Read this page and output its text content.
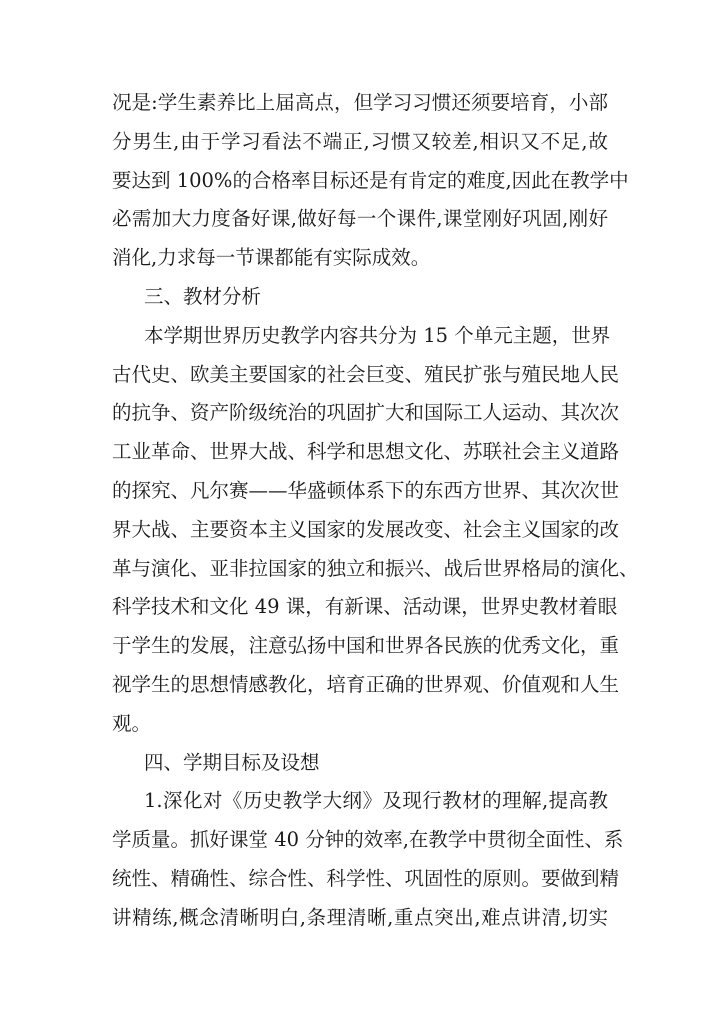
况是:学生素养比上届高点，但学习习惯还须要培育，小部
分男生,由于学习看法不端正,习惯又较差,相识又不足,故
要达到 100%的合格率目标还是有肯定的难度,因此在教学中
必需加大力度备好课,做好每一个课件,课堂刚好巩固,刚好
消化,力求每一节课都能有实际成效。
三、教材分析
本学期世界历史教学内容共分为 15 个单元主题，世界
古代史、欧美主要国家的社会巨变、殖民扩张与殖民地人民
的抗争、资产阶级统治的巩固扩大和国际工人运动、其次次
工业革命、世界大战、科学和思想文化、苏联社会主义道路
的探究、凡尔赛——华盛顿体系下的东西方世界、其次次世
界大战、主要资本主义国家的发展改变、社会主义国家的改
革与演化、亚非拉国家的独立和振兴、战后世界格局的演化、
科学技术和文化 49 课，有新课、活动课，世界史教材着眼
于学生的发展，注意弘扬中国和世界各民族的优秀文化，重
视学生的思想情感教化，培育正确的世界观、价值观和人生
观。
四、学期目标及设想
1.深化对《历史教学大纲》及现行教材的理解,提高教
学质量。抓好课堂 40 分钟的效率,在教学中贯彻全面性、系
统性、精确性、综合性、科学性、巩固性的原则。要做到精
讲精练,概念清晰明白,条理清晰,重点突出,难点讲清,切实
